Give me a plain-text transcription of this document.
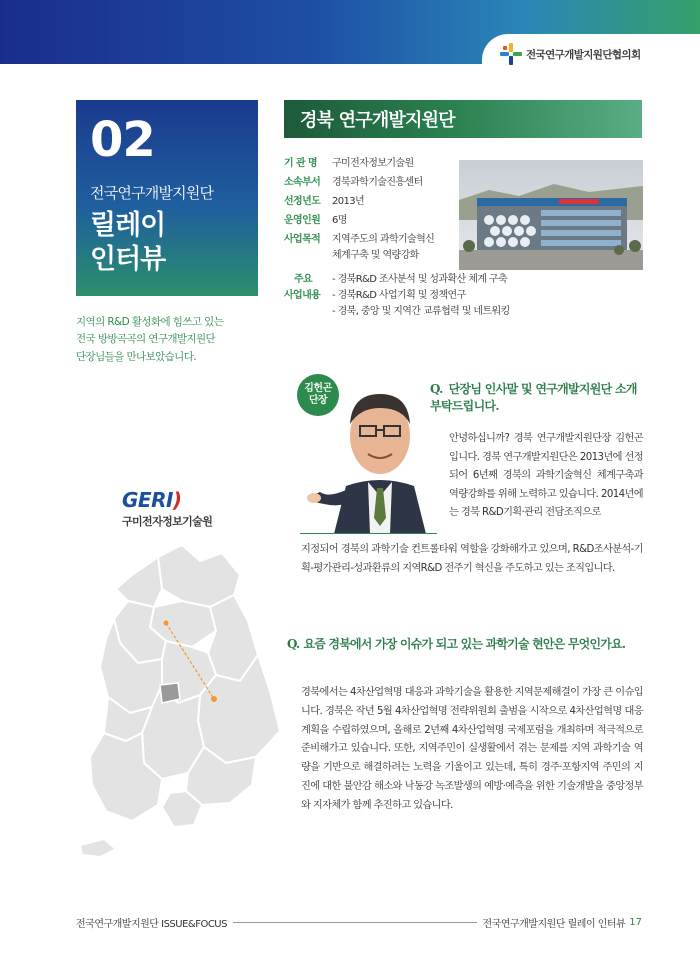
전국연구개발지원단협의회
02
전국연구개발지원단
릴레이
인터뷰
지역의 R&D 활성화에 힘쓰고 있는
전국 방방곡곡의 연구개발지원단
단장님들을 만나보았습니다.
GERI)
구미전자정보기술원
경북 연구개발지원단
기 관 명	구미전자정보기술원
소속부서	경북과학기술진흥센터
선정년도	2013년
운영인원	6명
사업목적	지역주도의 과학기술혁신
체계구축 및 역량강화
주요
사업내용
- 경북R&D 조사분석 및 성과확산 체계 구축
- 경북R&D 사업기획 및 정책연구
- 경북, 중앙 및 지역간 교류협력 및 네트워킹
김헌곤
단장
Q. 단장님 인사말 및 연구개발지원단 소개 부탁드립니다.
안녕하십니까? 경북 연구개발지원단장 김헌곤입니다. 경북 연구개발지원단은 2013년에 선정되어 6년째 경북의 과학기술혁신 체계구축과 역량강화를 위해 노력하고 있습니다. 2014년에는 경북 R&D기획·관리 전담조직으로
지정되어 경북의 과학기술 컨트롤타워 역할을 강화해가고 있으며, R&D조사분석-기획-평가관리-성과환류의 지역R&D 전주기 혁신을 주도하고 있는 조직입니다.
Q. 요즘 경북에서 가장 이슈가 되고 있는 과학기술 현안은 무엇인가요.
경북에서는 4차산업혁명 대응과 과학기술을 활용한 지역문제해결이 가장 큰 이슈입니다. 경북은 작년 5월 4차산업혁명 전략위원회 출범을 시작으로 4차산업혁명 대응계획을 수립하였으며, 올해로 2년째 4차산업혁명 국제포럼을 개최하며 적극적으로 준비해가고 있습니다. 또한, 지역주민이 실생활에서 겪는 문제를 지역 과학기술 역량을 기반으로 해결하려는 노력을 기울이고 있는데, 특히 경주·포항지역 주민의 지진에 대한 불안감 해소와 낙동강 녹조발생의 예방·예측을 위한 기술개발을 중앙정부와 지자체가 함께 추진하고 있습니다.
전국연구개발지원단 ISSUE&FOCUS	전국연구개발지원단 릴레이 인터뷰 17
